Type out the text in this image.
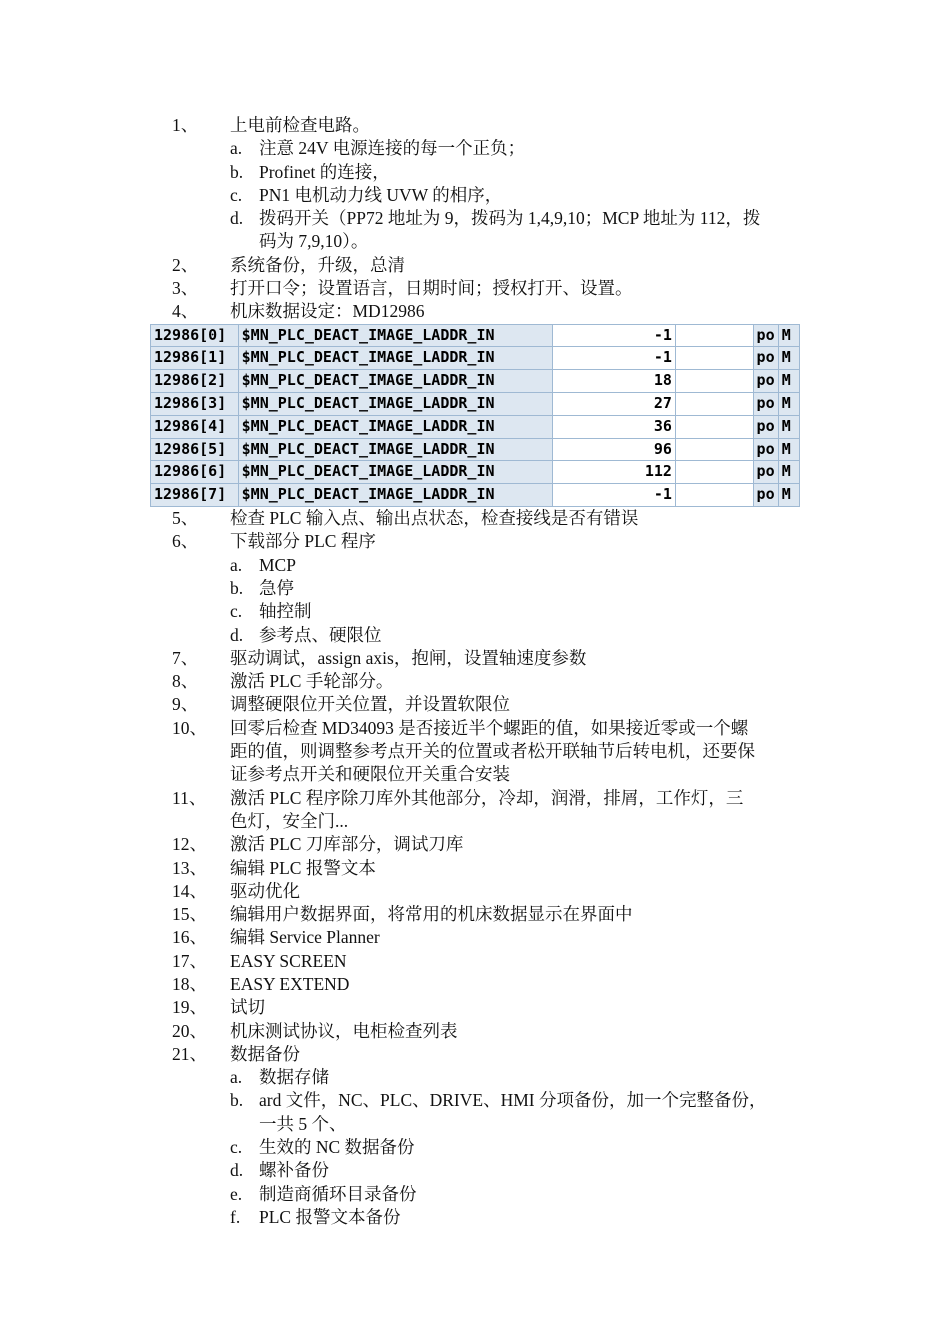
1、 上电前检查电路。
a. 注意 24V 电源连接的每一个正负；
b. Profinet 的连接，
c. PN1 电机动力线 UVW 的相序，
d. 拨码开关（PP72 地址为 9，拨码为 1,4,9,10；MCP 地址为 112，拨
码为 7,9,10）。
2、 系统备份，升级，总清
3、 打开口令；设置语言，日期时间；授权打开、设置。
4、 机床数据设定：MD12986
12986[0]	$MN_PLC_DEACT_IMAGE_LADDR_IN	-1		po	M
12986[1]	$MN_PLC_DEACT_IMAGE_LADDR_IN	-1		po	M
12986[2]	$MN_PLC_DEACT_IMAGE_LADDR_IN	18		po	M
12986[3]	$MN_PLC_DEACT_IMAGE_LADDR_IN	27		po	M
12986[4]	$MN_PLC_DEACT_IMAGE_LADDR_IN	36		po	M
12986[5]	$MN_PLC_DEACT_IMAGE_LADDR_IN	96		po	M
12986[6]	$MN_PLC_DEACT_IMAGE_LADDR_IN	112		po	M
12986[7]	$MN_PLC_DEACT_IMAGE_LADDR_IN	-1		po	M
5、 检查 PLC 输入点、输出点状态，检查接线是否有错误
6、 下载部分 PLC 程序
a. MCP
b. 急停
c. 轴控制
d. 参考点、硬限位
7、 驱动调试，assign axis，抱闸，设置轴速度参数
8、 激活 PLC 手轮部分。
9、 调整硬限位开关位置，并设置软限位
10、 回零后检查 MD34093 是否接近半个螺距的值，如果接近零或一个螺
距的值，则调整参考点开关的位置或者松开联轴节后转电机，还要保
证参考点开关和硬限位开关重合安装
11、 激活 PLC 程序除刀库外其他部分，冷却，润滑，排屑，工作灯，三
色灯，安全门...
12、 激活 PLC 刀库部分，调试刀库
13、 编辑 PLC 报警文本
14、 驱动优化
15、 编辑用户数据界面，将常用的机床数据显示在界面中
16、 编辑 Service Planner
17、 EASY SCREEN
18、 EASY EXTEND
19、 试切
20、 机床测试协议，电柜检查列表
21、 数据备份
a. 数据存储
b. ard 文件，NC、PLC、DRIVE、HMI 分项备份，加一个完整备份，
一共 5 个、
c. 生效的 NC 数据备份
d. 螺补备份
e. 制造商循环目录备份
f. PLC 报警文本备份
